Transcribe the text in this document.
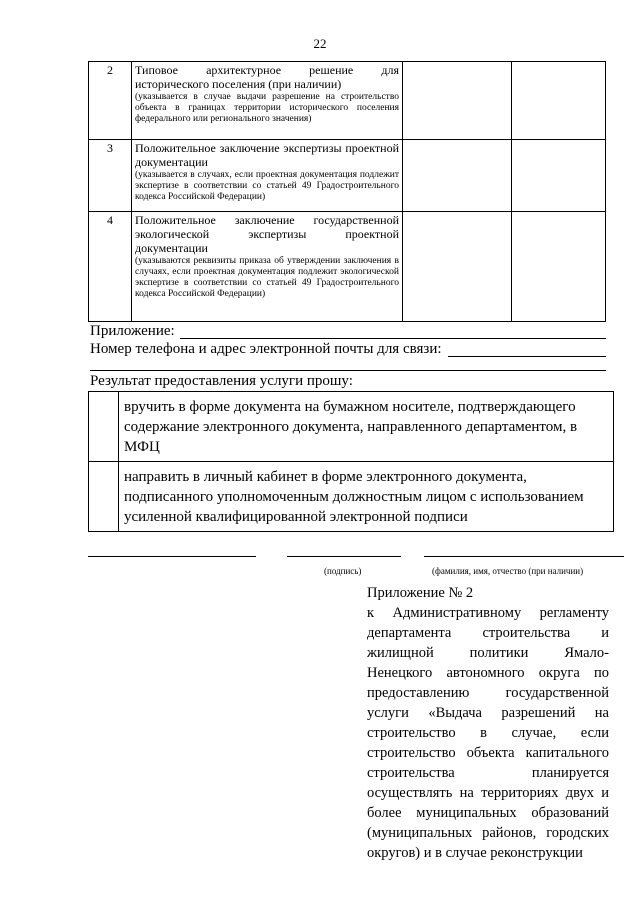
22
2	Типовое архитектурное решение для исторического поселения (при наличии)
(указывается в случае выдачи разрешение на строительство объекта в границах территории исторического поселения федерального или регионального значения)		

3	Положительное заключение экспертизы проектной документации
(указывается в случаях, если проектная документация подлежит экспертизе в соответствии со статьей 49 Градостроительного кодекса Российской Федерации)		

4	Положительное заключение государственной экологической экспертизы проектной документации
(указываются реквизиты приказа об утверждении заключения в случаях, если проектная документация подлежит экологической экспертизе в соответствии со статьей 49 Градостроительного кодекса Российской Федерации)		

Приложение:
Номер телефона и адрес электронной почты для связи:
Результат предоставления услуги прошу:
	вручить в форме документа на бумажном носителе, подтверждающего содержание электронного документа, направленного департаментом, в МФЦ
	направить в личный кабинет в форме электронного документа, подписанного уполномоченным должностным лицом с использованием усиленной квалифицированной электронной подписи
(подпись)	(фамилия, имя, отчество (при наличии)
Приложение № 2
к Административному регламенту департамента строительства и жилищной политики Ямало-Ненецкого автономного округа по предоставлению государственной услуги «Выдача разрешений на строительство в случае, если строительство объекта капитального строительства планируется осуществлять на территориях двух и более муниципальных образований (муниципальных районов, городских округов) и в случае реконструкции
